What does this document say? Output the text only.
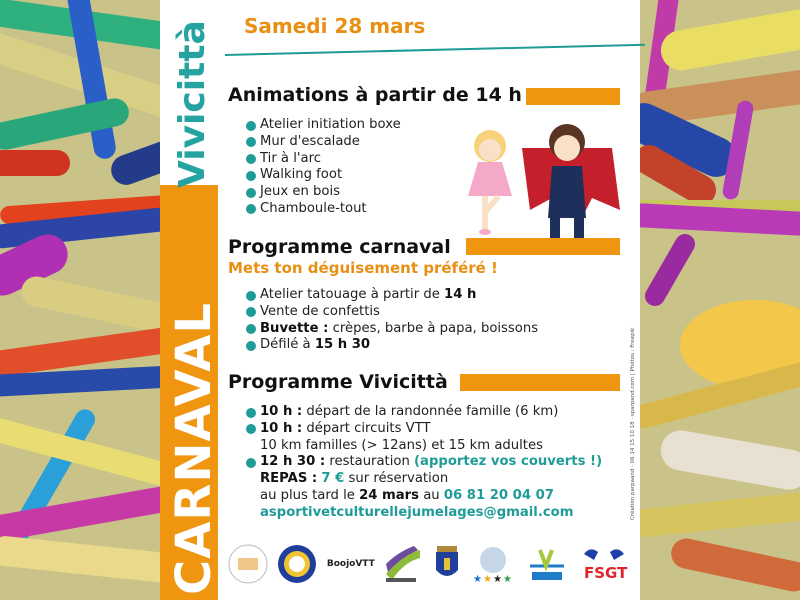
CARNAVAL
Vivicittà Samedi 28 mars
Animations à partir de 14 h
Atelier initiation boxe
Mur d'escalade
Tir à l'arc
Walking foot
Jeux en bois
Chamboule-tout
Programme carnaval
Mets ton déguisement préféré !
Atelier tatouage à partir de 14 h
Vente de confettis
Buvette : crèpes, barbe à papa, boissons
Défilé à 15 h 30
Programme Vivicittà
10 h : départ de la randonnée famille (6 km)
10 h : départ circuits VTT
10 km familles (> 12ans) et 15 km adultes
12 h 30 : restauration (apportez vos couverts !)
REPAS : 7 € sur réservation
au plus tard le 24 mars au 06 81 20 04 07
asportivetculturellejumelages@gmail.com	Création parpaand · 06 14 15 10 18 · sparpand.com | Photos : Freepik
BoojoVTT
★ ★ ★ ★	FSGT
